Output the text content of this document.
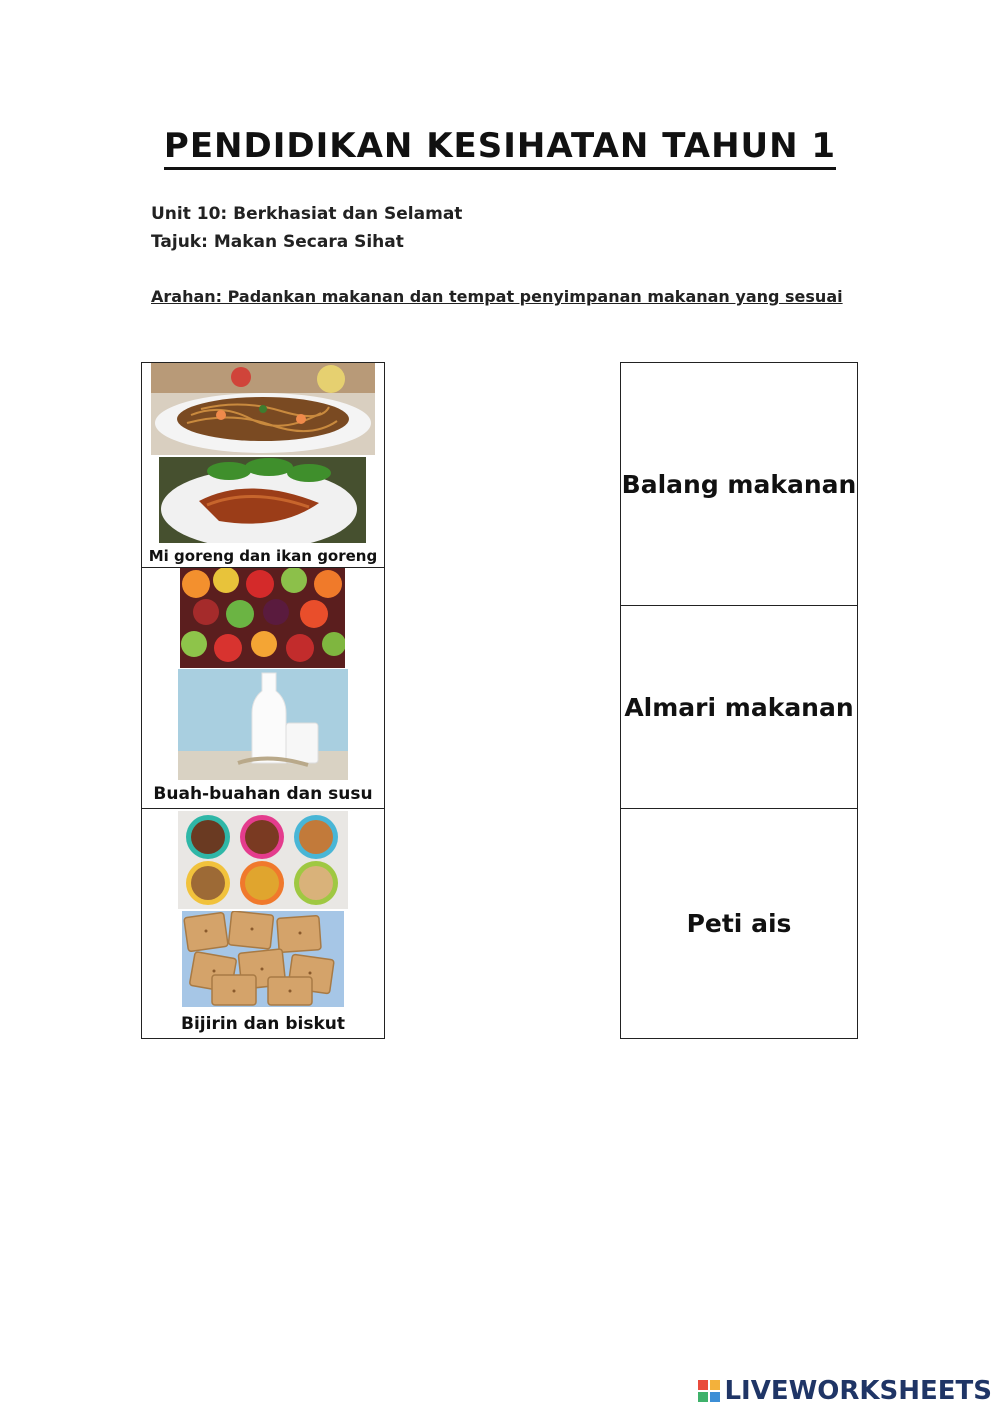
PENDIDIKAN KESIHATAN TAHUN 1
Unit 10: Berkhasiat dan Selamat
Tajuk: Makan Secara Sihat
Arahan: Padankan makanan dan tempat penyimpanan makanan yang sesuai
Mi goreng dan ikan goreng
Buah-buahan dan susu
Bijirin dan biskut
Balang makanan
Almari makanan
Peti ais
LIVEWORKSHEETS
